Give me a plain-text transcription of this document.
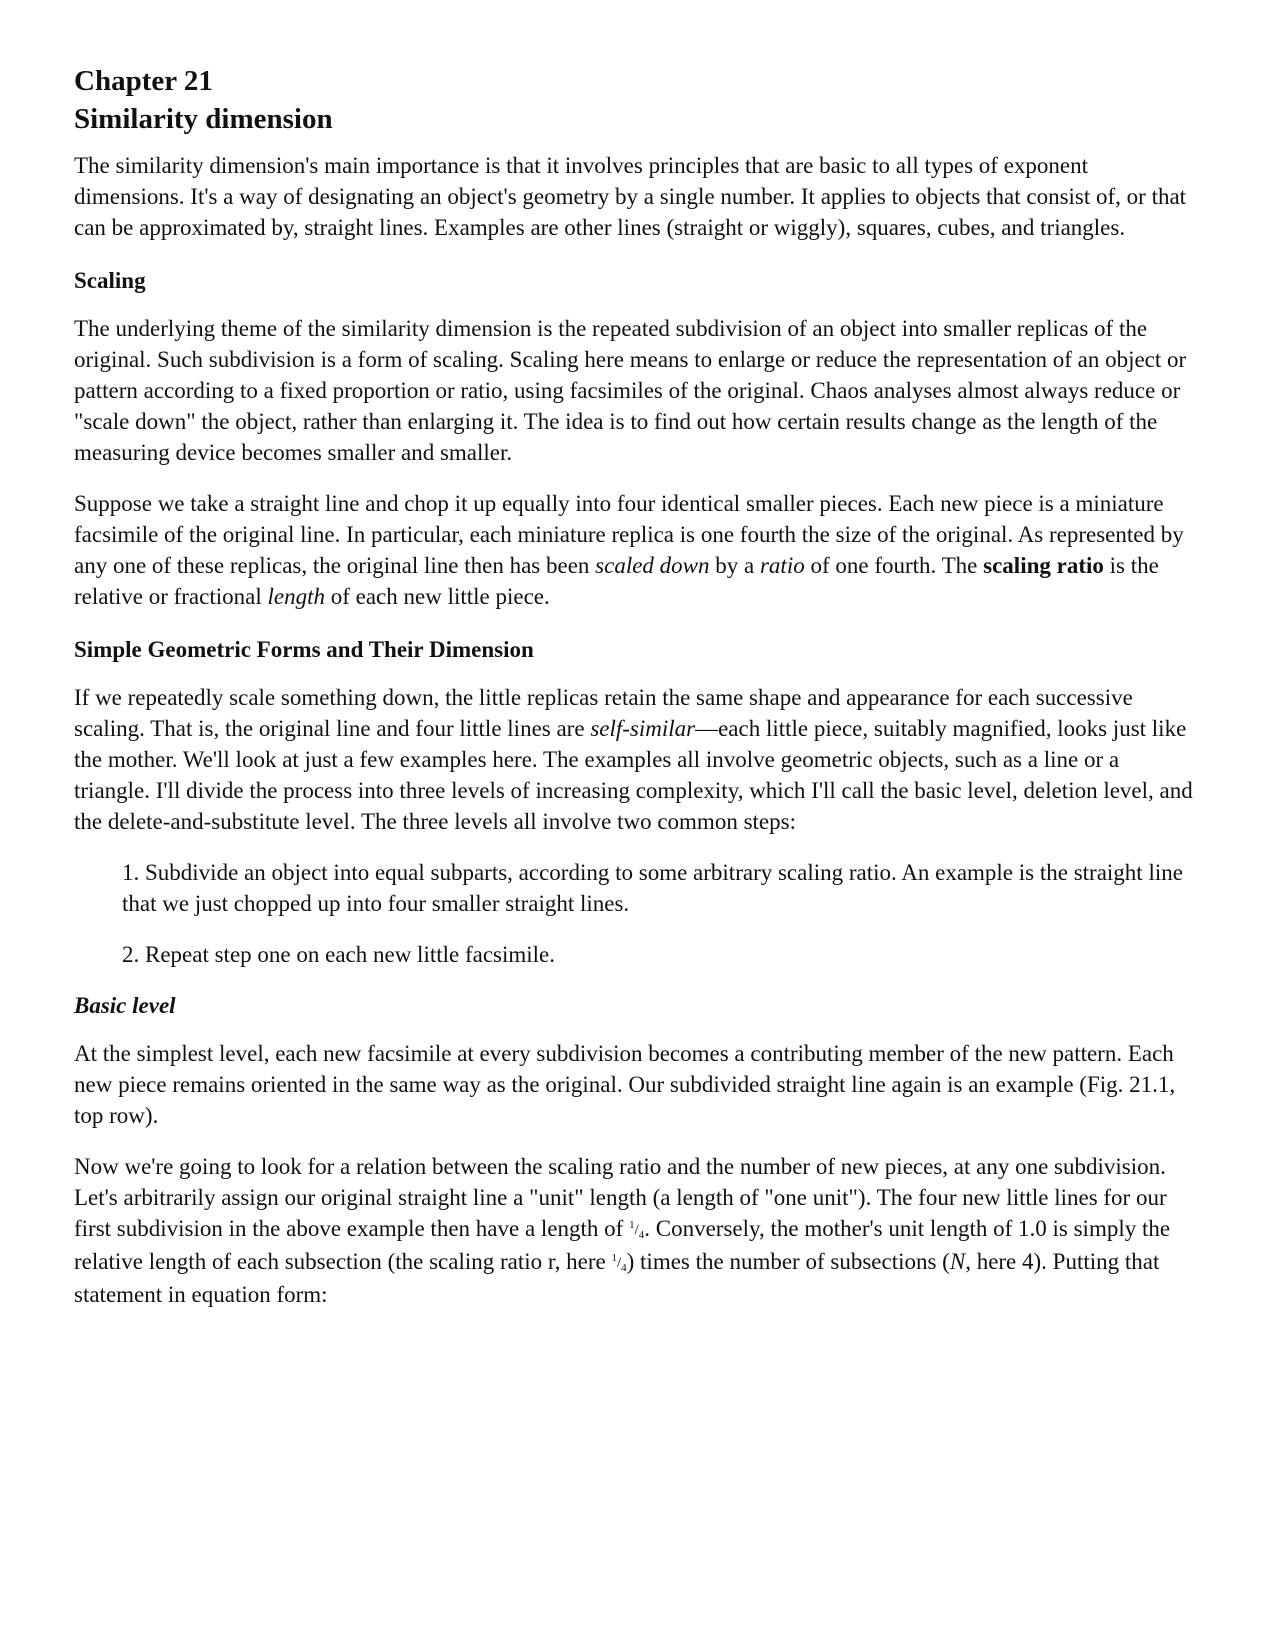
Chapter 21
Similarity dimension

The similarity dimension's main importance is that it involves principles that are basic to all types of exponent dimensions. It's a way of designating an object's geometry by a single number. It applies to objects that consist of, or that can be approximated by, straight lines. Examples are other lines (straight or wiggly), squares, cubes, and triangles.

Scaling

The underlying theme of the similarity dimension is the repeated subdivision of an object into smaller replicas of the original. Such subdivision is a form of scaling. Scaling here means to enlarge or reduce the representation of an object or pattern according to a fixed proportion or ratio, using facsimiles of the original. Chaos analyses almost always reduce or "scale down" the object, rather than enlarging it. The idea is to find out how certain results change as the length of the measuring device becomes smaller and smaller.

Suppose we take a straight line and chop it up equally into four identical smaller pieces. Each new piece is a miniature facsimile of the original line. In particular, each miniature replica is one fourth the size of the original. As represented by any one of these replicas, the original line then has been scaled down by a ratio of one fourth. The scaling ratio is the relative or fractional length of each new little piece.

Simple Geometric Forms and Their Dimension

If we repeatedly scale something down, the little replicas retain the same shape and appearance for each successive scaling. That is, the original line and four little lines are self-similar—each little piece, suitably magnified, looks just like the mother. We'll look at just a few examples here. The examples all involve geometric objects, such as a line or a triangle. I'll divide the process into three levels of increasing complexity, which I'll call the basic level, deletion level, and the delete-and-substitute level. The three levels all involve two common steps:

1. Subdivide an object into equal subparts, according to some arbitrary scaling ratio. An example is the straight line that we just chopped up into four smaller straight lines.
2. Repeat step one on each new little facsimile.
Basic level

At the simplest level, each new facsimile at every subdivision becomes a contributing member of the new pattern. Each new piece remains oriented in the same way as the original. Our subdivided straight line again is an example (Fig. 21.1, top row).

Now we're going to look for a relation between the scaling ratio and the number of new pieces, at any one subdivision. Let's arbitrarily assign our original straight line a "unit" length (a length of "one unit"). The four new little lines for our first subdivision in the above example then have a length of $^1/_4$. Conversely, the mother's unit length of 1.0 is simply the relative length of each subsection (the scaling ratio r, here $^1/_4$) times the number of subsections (N, here 4). Putting that statement in equation form:
